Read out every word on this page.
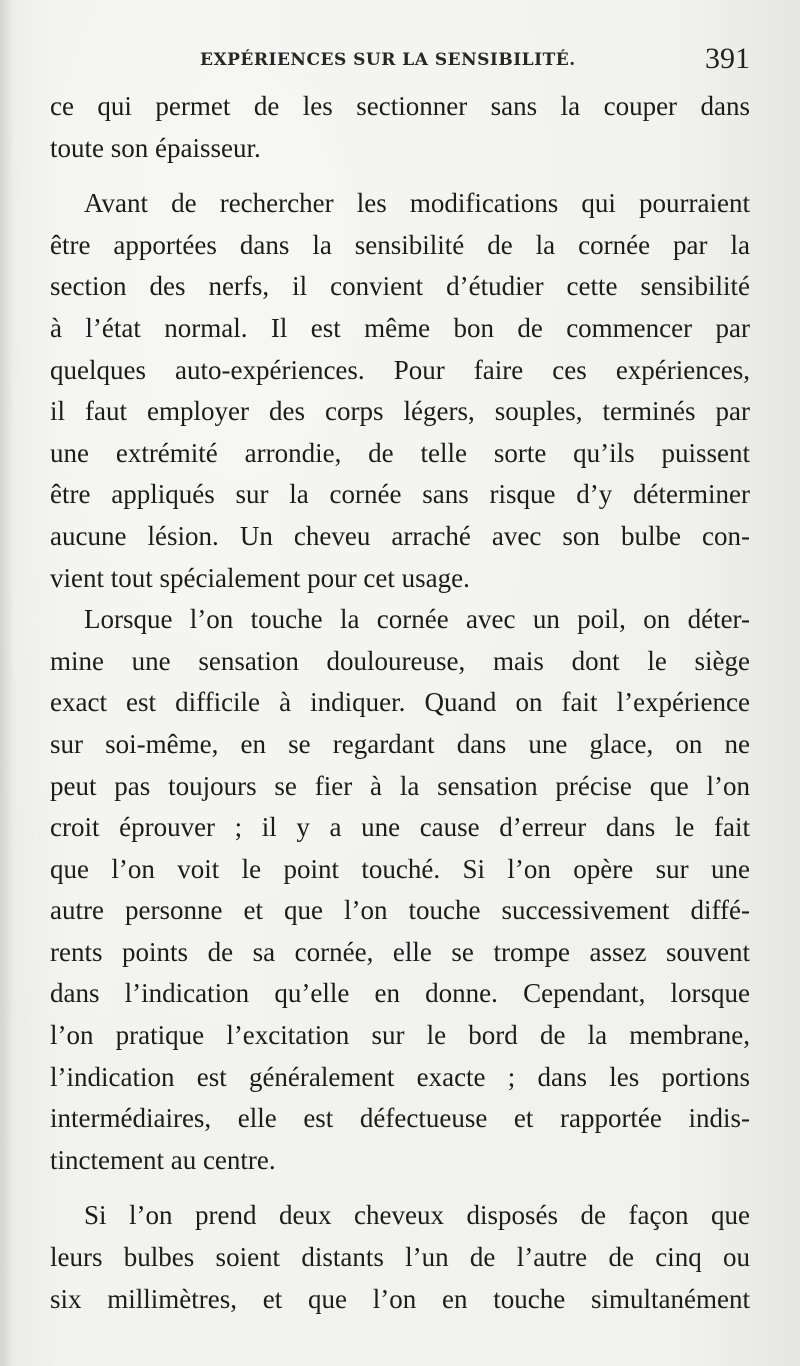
EXPÉRIENCES SUR LA SENSIBILITÉ.	391
ce qui permet de les sectionner sans la couper dans
toute son épaisseur.
Avant de rechercher les modifications qui pourraient
être apportées dans la sensibilité de la cornée par la
section des nerfs, il convient d’étudier cette sensibilité
à l’état normal. Il est même bon de commencer par
quelques auto-expériences. Pour faire ces expériences,
il faut employer des corps légers, souples, terminés par
une extrémité arrondie, de telle sorte qu’ils puissent
être appliqués sur la cornée sans risque d’y déterminer
aucune lésion. Un cheveu arraché avec son bulbe con-
vient tout spécialement pour cet usage.
Lorsque l’on touche la cornée avec un poil, on déter-
mine une sensation douloureuse, mais dont le siège
exact est difficile à indiquer. Quand on fait l’expérience
sur soi-même, en se regardant dans une glace, on ne
peut pas toujours se fier à la sensation précise que l’on
croit éprouver ; il y a une cause d’erreur dans le fait
que l’on voit le point touché. Si l’on opère sur une
autre personne et que l’on touche successivement diffé-
rents points de sa cornée, elle se trompe assez souvent
dans l’indication qu’elle en donne. Cependant, lorsque
l’on pratique l’excitation sur le bord de la membrane,
l’indication est généralement exacte ; dans les portions
intermédiaires, elle est défectueuse et rapportée indis-
tinctement au centre.
Si l’on prend deux cheveux disposés de façon que
leurs bulbes soient distants l’un de l’autre de cinq ou
six millimètres, et que l’on en touche simultanément
